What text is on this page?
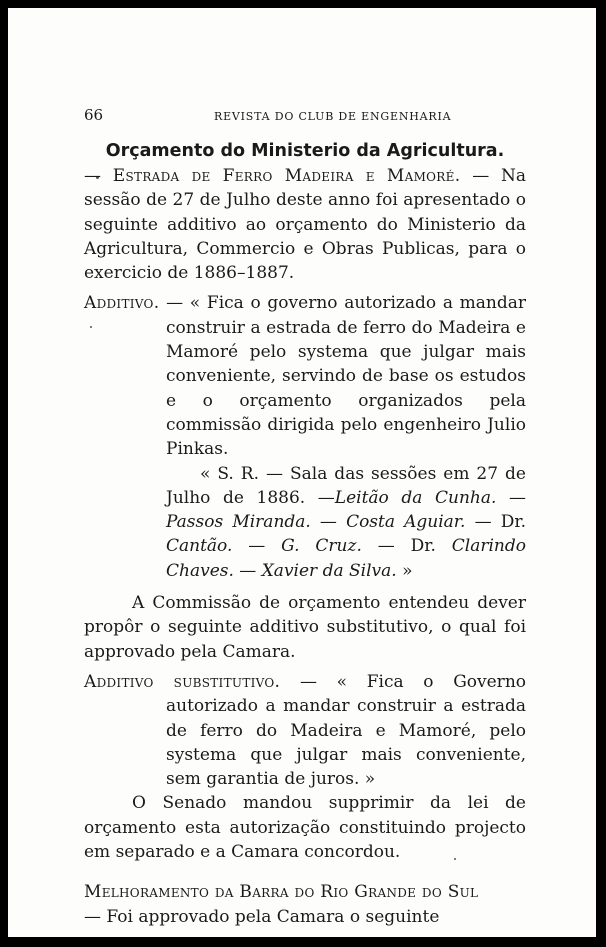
66	REVISTA DO CLUB DE ENGENHARIA
Orçamento do Ministerio da Agricultura.

— Estrada de Ferro Madeira e Mamoré. — Na sessão de 27 de Julho deste anno foi apresentado o seguinte additivo ao orçamento do Ministerio da Agricultura, Commercio e Obras Publicas, para o exercicio de 1886–1887.

Additivo. — « Fica o governo autorizado a mandar construir a estrada de ferro do Madeira e Mamoré pelo systema que julgar mais conveniente, servindo de base os estudos e o orçamento organizados pela commissão dirigida pelo engenheiro Julio Pinkas.

« S. R. — Sala das sessões em 27 de Julho de 1886. —Leitão da Cunha. — Passos Miranda. — Costa Aguiar. — Dr. Cantão. — G. Cruz. — Dr. Clarindo Chaves. — Xavier da Silva. »

A Commissão de orçamento entendeu dever propôr o seguinte additivo substitutivo, o qual foi approvado pela Camara.

Additivo substitutivo. — « Fica o Governo autorizado a mandar construir a estrada de ferro do Madeira e Mamoré, pelo systema que julgar mais conveniente, sem garantia de juros. »

O Senado mandou supprimir da lei de orçamento esta autorização constituindo projecto em separado e a Camara concordou.

Melhoramento da Barra do Rio Grande do Sul

— Foi approvado pela Camara o seguinte
